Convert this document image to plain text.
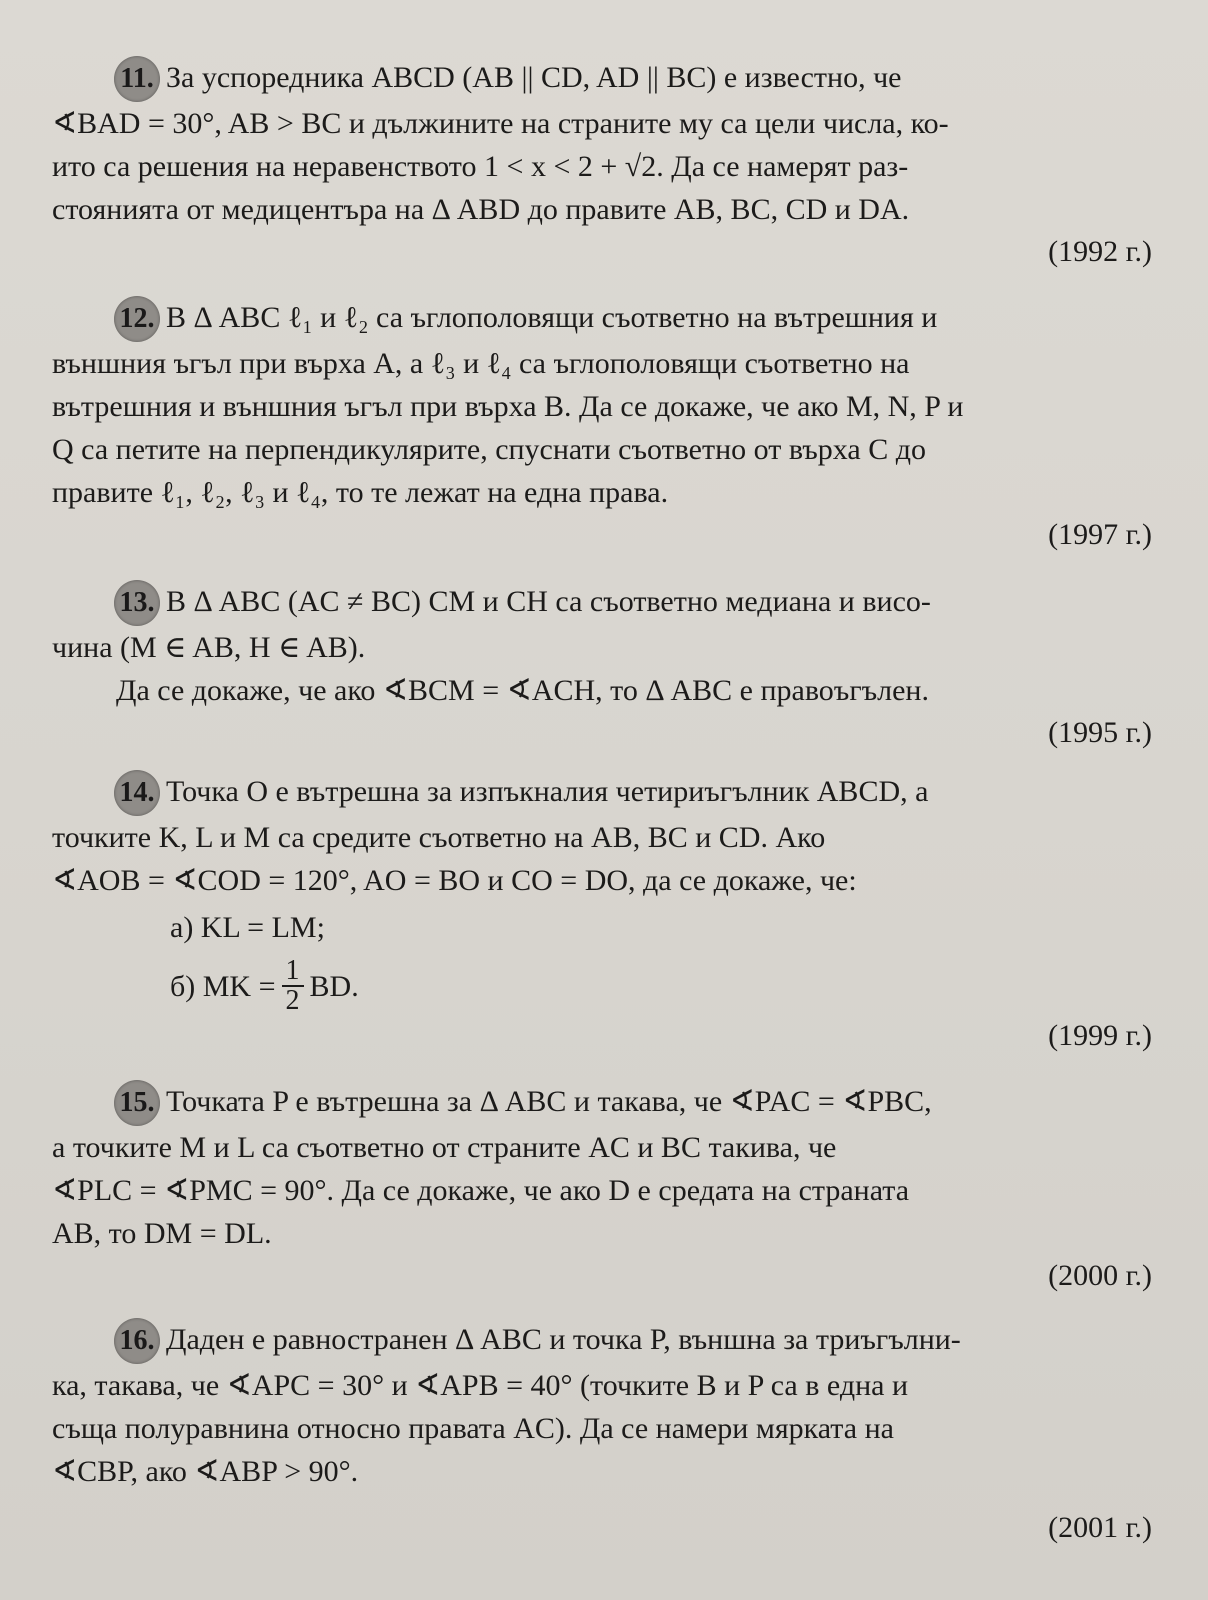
11. За успоредника ABCD (AB || CD, AD || BC) е известно, че
∢BAD = 30°, AB > BC и дължините на страните му са цели числа, ко-
ито са решения на неравенството 1 < x < 2 + √2. Да се намерят раз-
стоянията от медицентъра на Δ ABD до правите AB, BC, CD и DA.
(1992 г.)
12. В Δ ABC ℓ₁ и ℓ₂ са ъглополовящи съответно на вътрешния и
външния ъгъл при върха A, а ℓ₃ и ℓ₄ са ъглополовящи съответно на
вътрешния и външния ъгъл при върха B. Да се докаже, че ако M, N, P и
Q са петите на перпендикулярите, спуснати съответно от върха C до
правите ℓ₁, ℓ₂, ℓ₃ и ℓ₄, то те лежат на една права.
(1997 г.)
13. В Δ ABC (AC ≠ BC) CM и CH са съответно медиана и висо-
чина (M ∈ AB, H ∈ AB).
Да се докаже, че ако ∢BCM = ∢ACH, то Δ ABC е правоъгълен.
(1995 г.)
14. Точка O е вътрешна за изпъкналия четириъгълник ABCD, а
точките K, L и M са средите съответно на AB, BC и CD. Ако
∢AOB = ∢COD = 120°, AO = BO и CO = DO, да се докаже, че:
а) KL = LM;
б) MK = $\frac{1}{2}$ BD.
(1999 г.)
15. Точката P е вътрешна за Δ ABC и такава, че ∢PAC = ∢PBC,
а точките M и L са съответно от страните AC и BC такива, че
∢PLC = ∢PMC = 90°. Да се докаже, че ако D е средата на страната
AB, то DM = DL.
(2000 г.)
16. Даден е равностранен Δ ABC и точка P, външна за триъгълни-
ка, такава, че ∢APC = 30° и ∢APB = 40° (точките B и P са в една и
съща полуравнина относно правата AC). Да се намери мярката на
∢CBP, ако ∢ABP > 90°.
(2001 г.)
